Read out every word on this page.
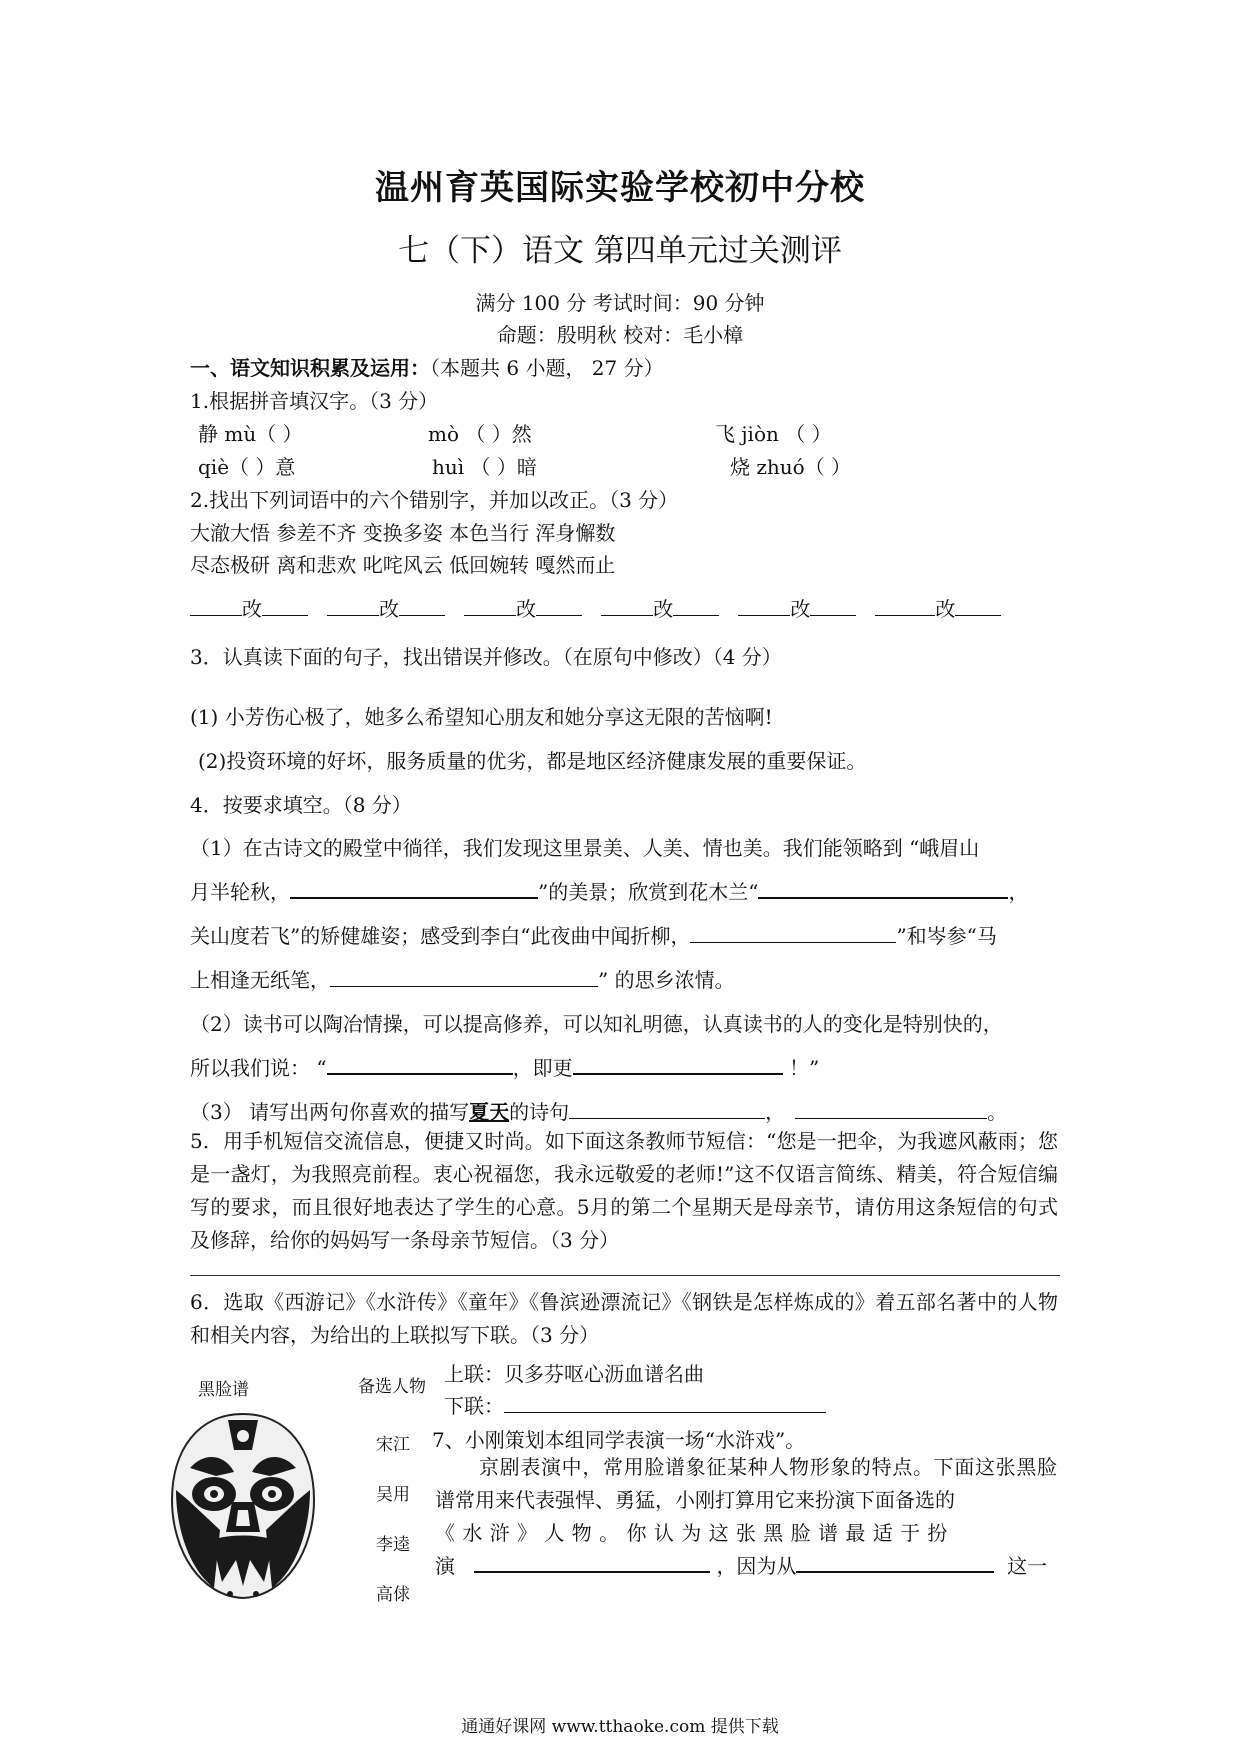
温州育英国际实验学校初中分校
七（下）语文 第四单元过关测评
满分 100 分 考试时间：90 分钟
命题：殷明秋 校对：毛小樟
一、语文知识积累及运用：（本题共 6 小题， 27 分）
1.根据拼音填汉字。（3 分）
静 mù（ ）	mò （ ）然	飞 jiòn （ ）
qiè（ ）意	huì （ ）暗	烧 zhuó（ ）
2.找出下列词语中的六个错别字，并加以改正。（3 分）
大澈大悟 参差不齐 变换多姿 本色当行 浑身懈数
尽态极研 离和悲欢 叱咤风云 低回婉转 嘎然而止
改	改	改	改	改	改
3．认真读下面的句子，找出错误并修改。（在原句中修改）（4 分）
(1) 小芳伤心极了，她多么希望知心朋友和她分享这无限的苦恼啊!
(2)投资环境的好坏，服务质量的优劣，都是地区经济健康发展的重要保证。
4．按要求填空。（8 分）
（1）在古诗文的殿堂中徜徉，我们发现这里景美、人美、情也美。我们能领略到 “峨眉山
月半轮秋，	”的美景；欣赏到花木兰“	，
关山度若飞”的矫健雄姿；感受到李白“此夜曲中闻折柳，	”和岑参“马
上相逢无纸笔，	” 的思乡浓情。
（2）读书可以陶冶情操，可以提高修养，可以知礼明德，认真读书的人的变化是特别快的，
所以我们说： “	，即更	！”
（3） 请写出两句你喜欢的描写夏天的诗句	，	。
5．用手机短信交流信息，便捷又时尚。如下面这条教师节短信：“您是一把伞，为我遮风蔽雨；您是一盏灯，为我照亮前程。衷心祝福您，我永远敬爱的老师!”这不仅语言简练、精美，符合短信编写的要求，而且很好地表达了学生的心意。5月的第二个星期天是母亲节，请仿用这条短信的句式及修辞，给你的妈妈写一条母亲节短信。（3 分）
6．选取《西游记》《水浒传》《童年》《鲁滨逊漂流记》《钢铁是怎样炼成的》着五部名著中的人物和相关内容，为给出的上联拟写下联。（3 分）
上联：贝多芬呕心沥血谱名曲
下联：
黑脸谱	备选人物
宋江
吴用
李逵
高俅
7、小刚策划本组同学表演一场“水浒戏”。
京剧表演中，常用脸谱象征某种人物形象的特点。下面这张黑脸谱常用来代表强悍、勇猛，小刚打算用它来扮演下面备选的
《 水 浒 》 人 物 。 你 认 为 这 张 黑 脸 谱 最 适 于 扮
演	，因为从	这一
通通好课网 www.tthaoke.com 提供下载
